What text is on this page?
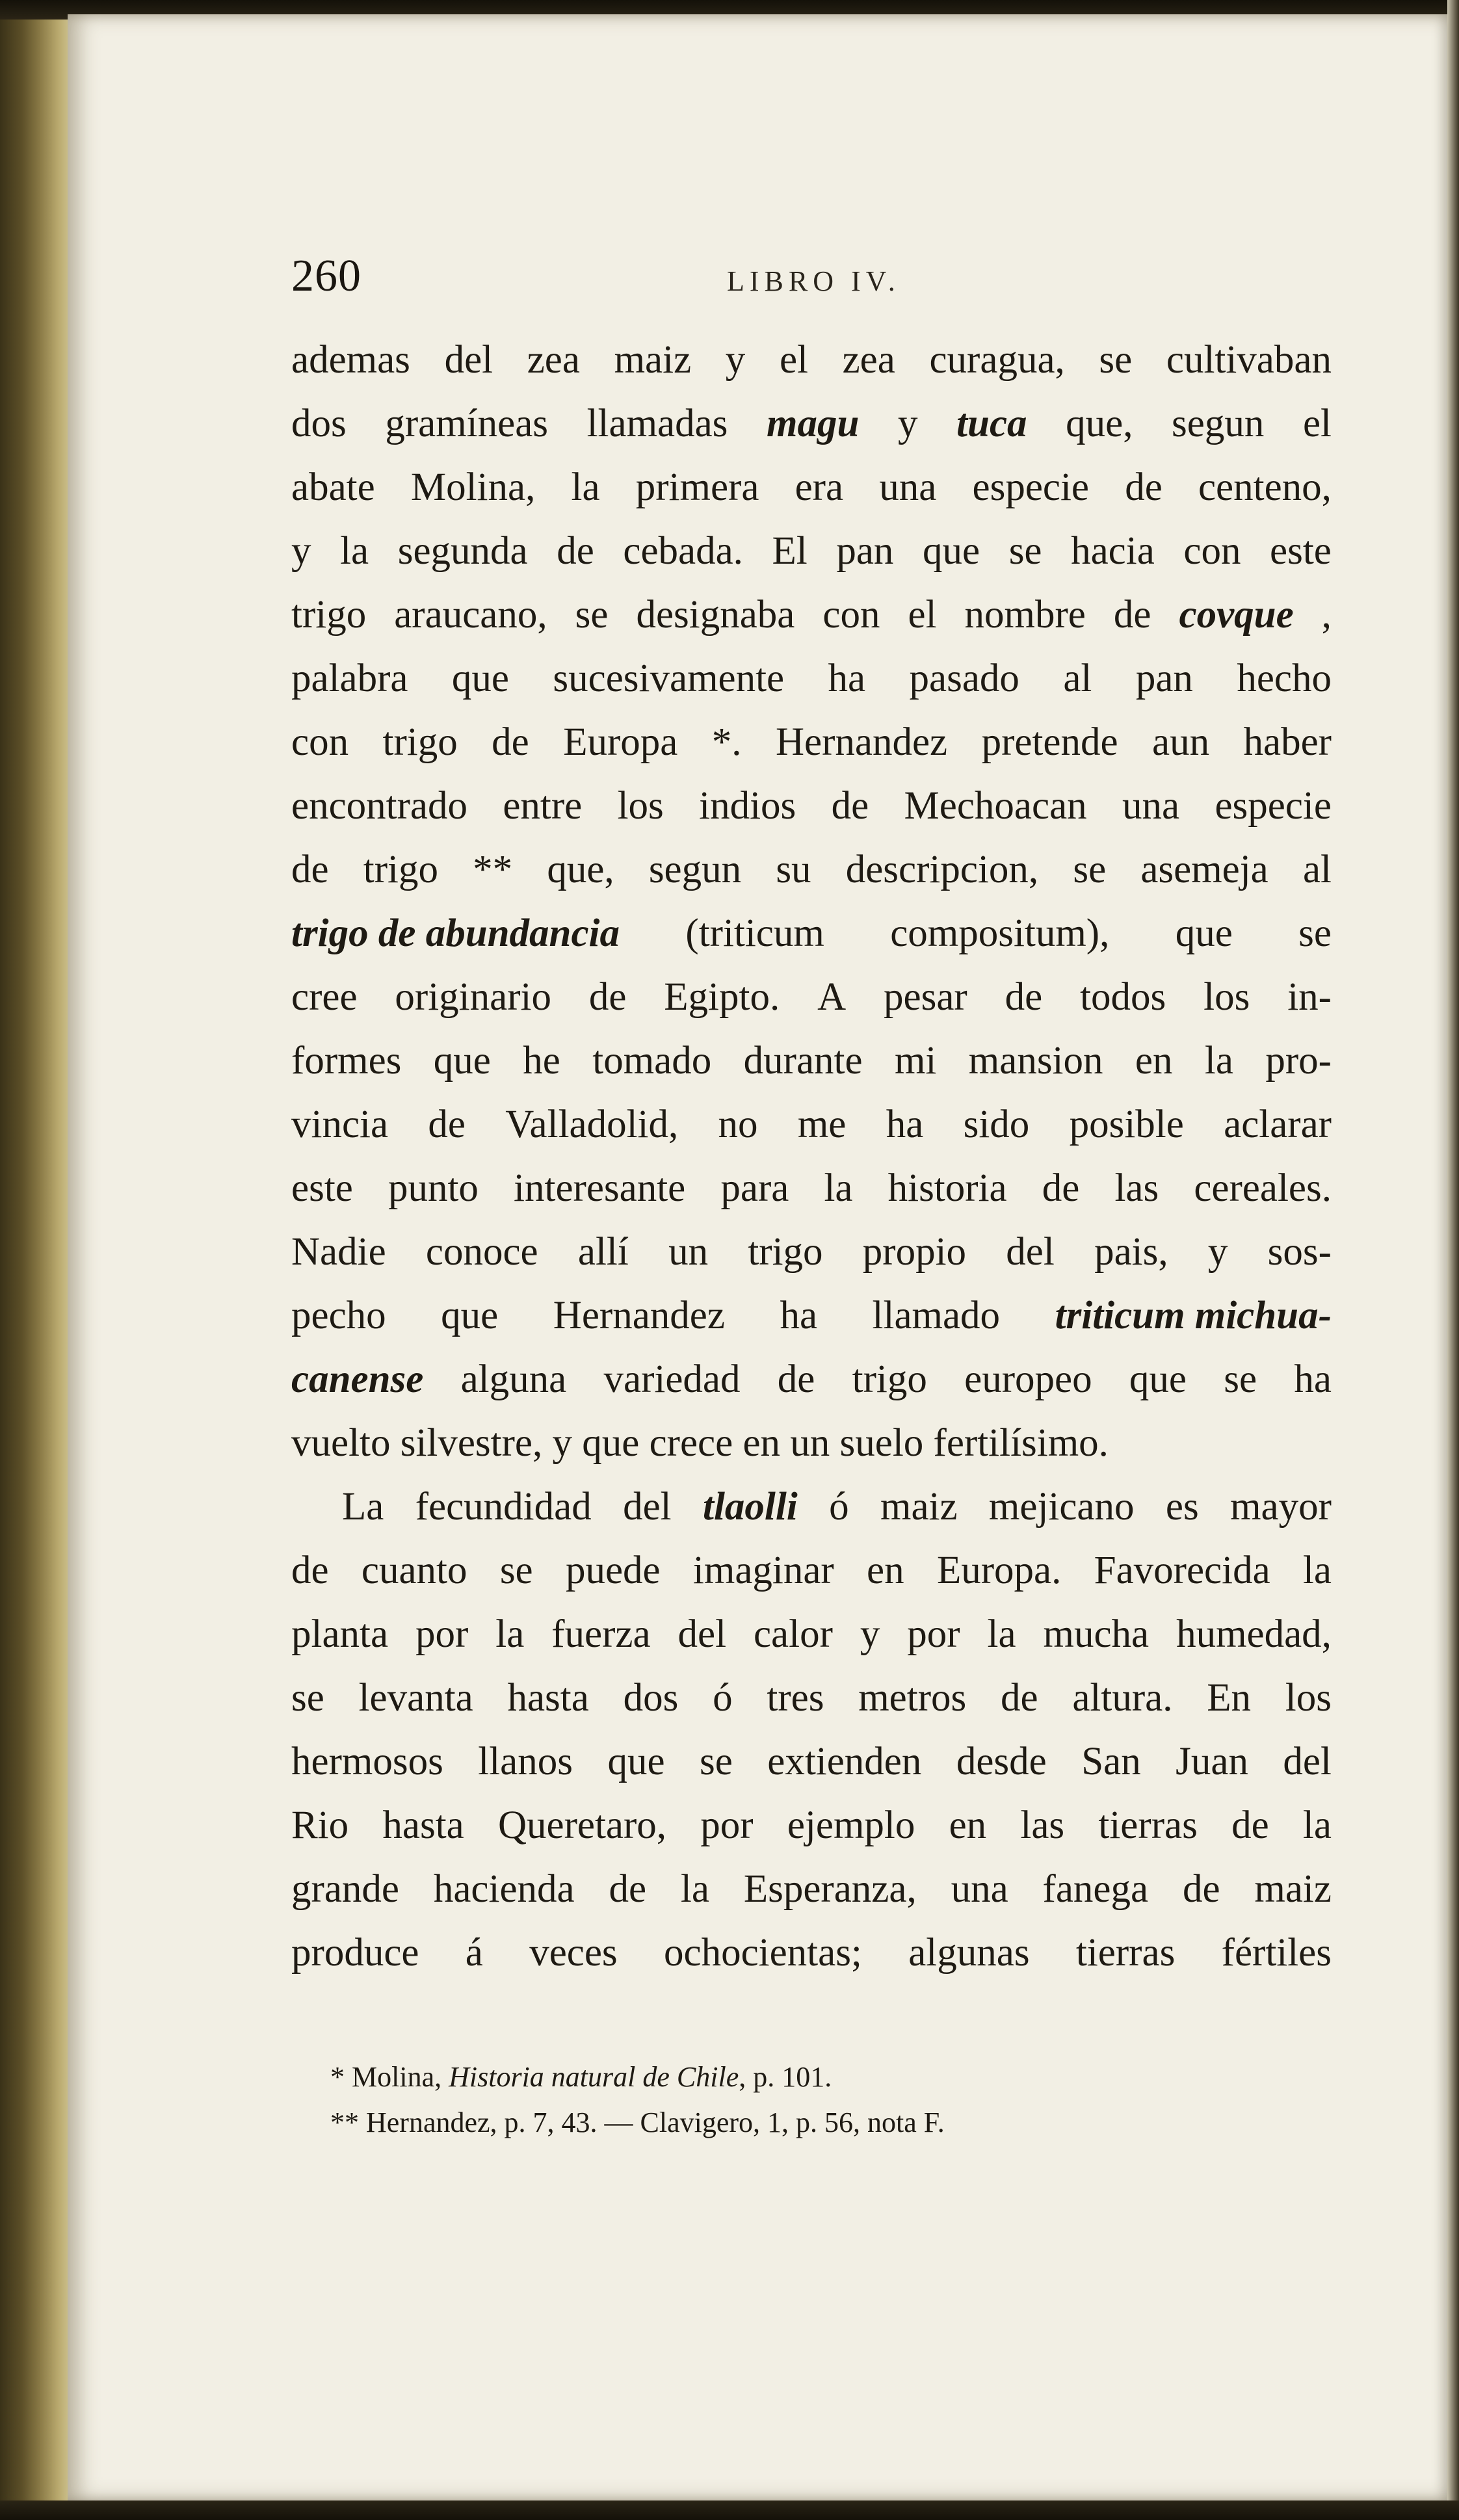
260	LIBRO IV.
ademas del zea maiz y el zea curagua, se cultivaban
dos gramíneas llamadas magu y tuca que, segun el
abate Molina, la primera era una especie de centeno,
y la segunda de cebada. El pan que se hacia con este
trigo araucano, se designaba con el nombre de covque ,
palabra que sucesivamente ha pasado al pan hecho
con trigo de Europa *. Hernandez pretende aun haber
encontrado entre los indios de Mechoacan una especie
de trigo ** que, segun su descripcion, se asemeja al
trigo de abundancia (triticum compositum), que se
cree originario de Egipto. A pesar de todos los in-
formes que he tomado durante mi mansion en la pro-
vincia de Valladolid, no me ha sido posible aclarar
este punto interesante para la historia de las cereales.
Nadie conoce allí un trigo propio del pais, y sos-
pecho que Hernandez ha llamado triticum michua-
canense alguna variedad de trigo europeo que se ha
vuelto silvestre, y que crece en un suelo fertilísimo.
La fecundidad del tlaolli ó maiz mejicano es mayor
de cuanto se puede imaginar en Europa. Favorecida la
planta por la fuerza del calor y por la mucha humedad,
se levanta hasta dos ó tres metros de altura. En los
hermosos llanos que se extienden desde San Juan del
Rio hasta Queretaro, por ejemplo en las tierras de la
grande hacienda de la Esperanza, una fanega de maiz
produce á veces ochocientas; algunas tierras fértiles
* Molina, Historia natural de Chile, p. 101.
** Hernandez, p. 7, 43. — Clavigero, 1, p. 56, nota F.
